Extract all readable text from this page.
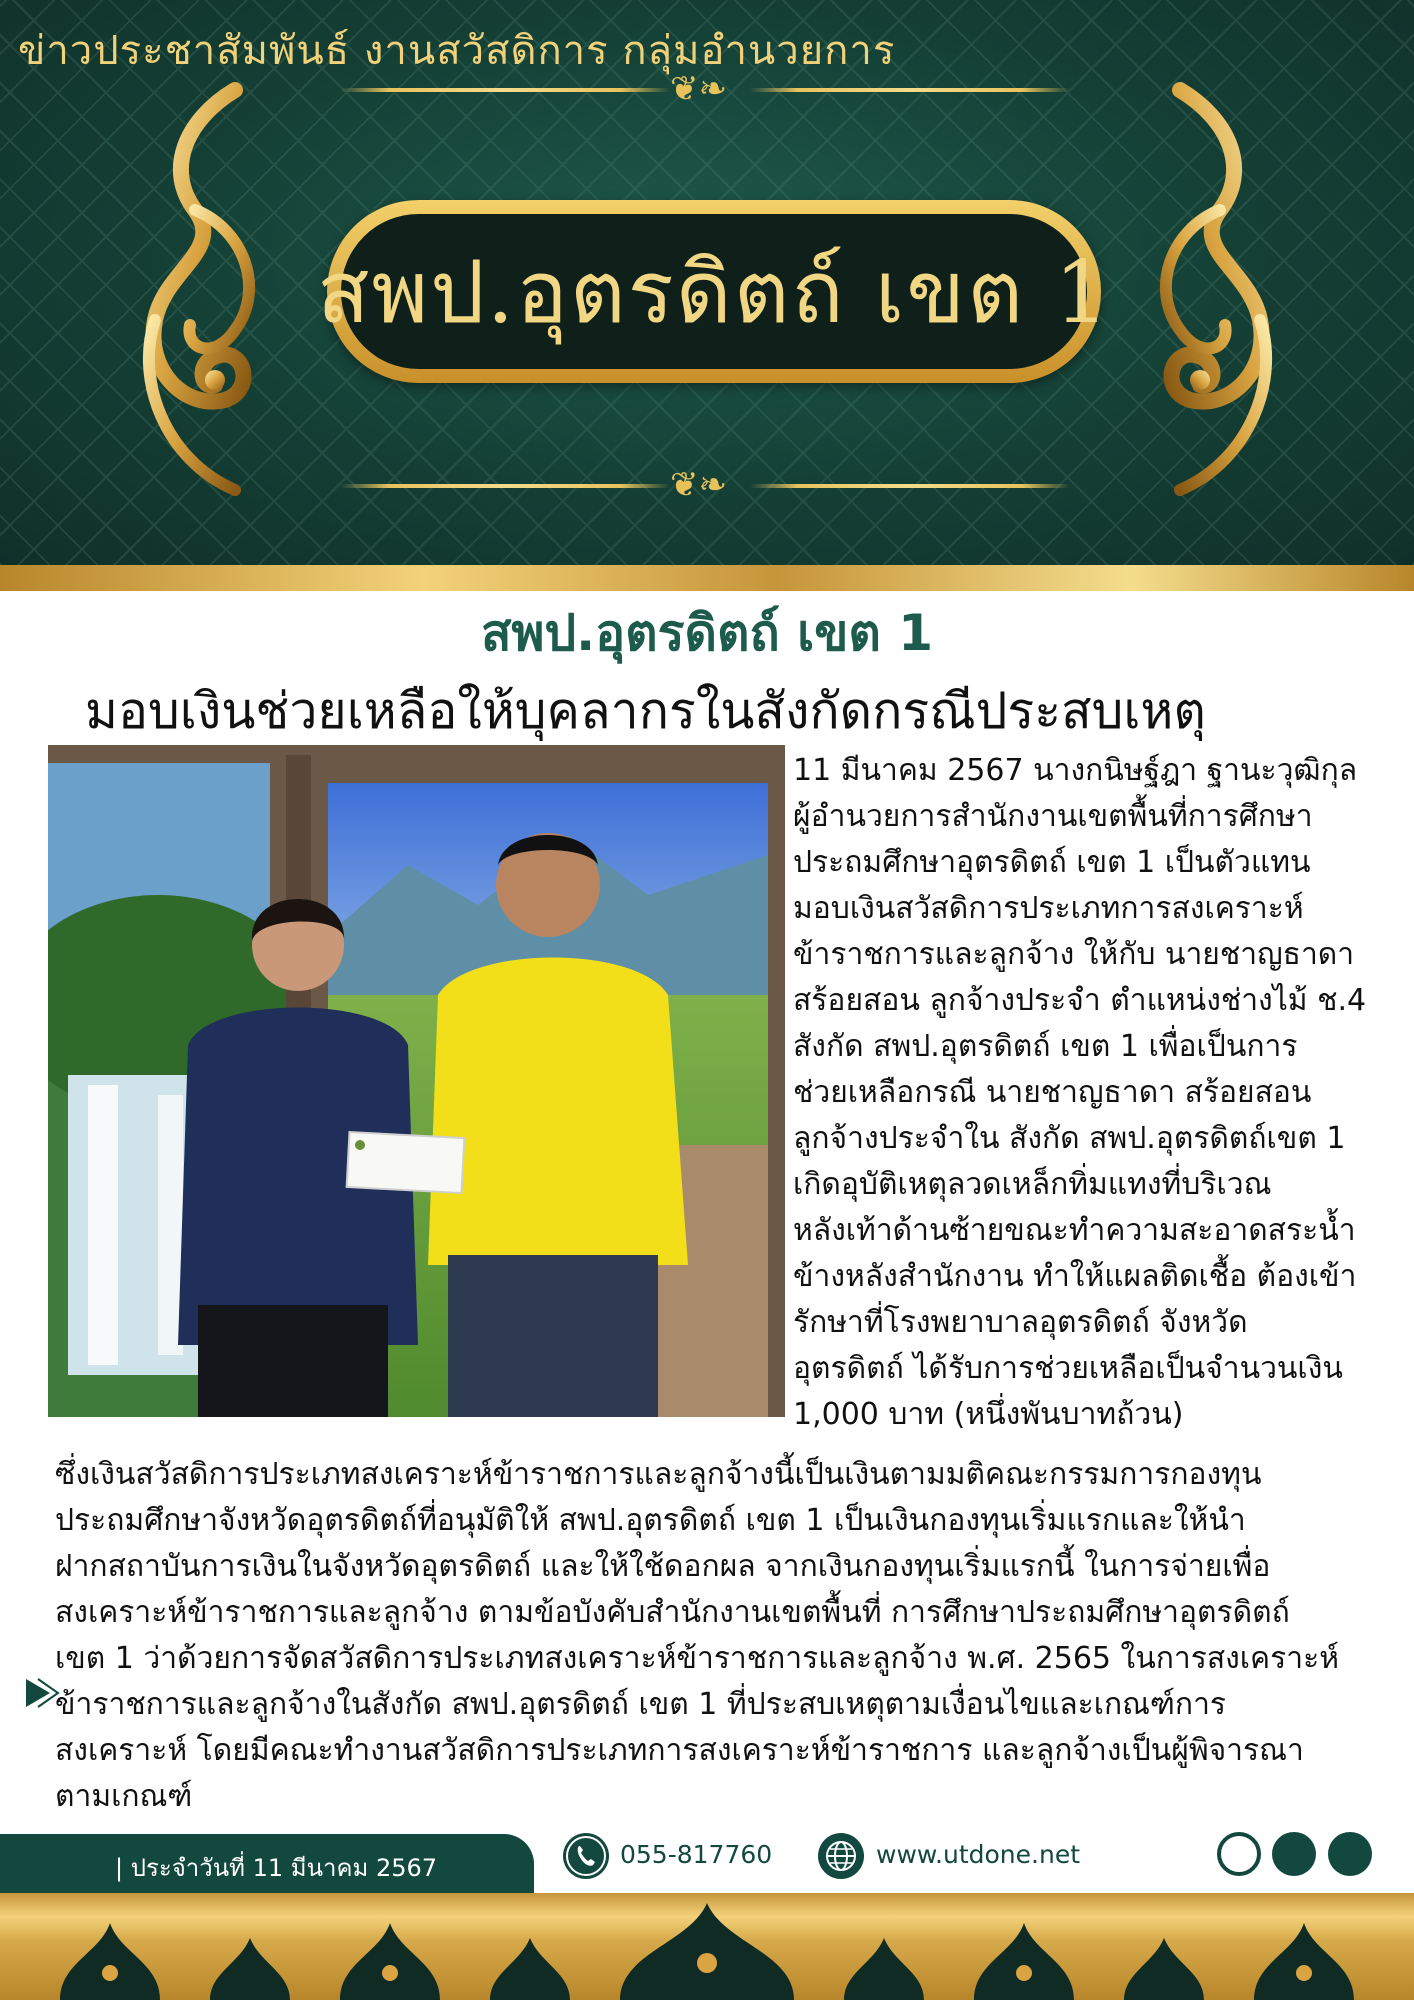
ข่าวประชาสัมพันธ์ งานสวัสดิการ กลุ่มอำนวยการ
❦❧
❦❧
สพป.อุตรดิตถ์ เขต 1
สพป.อุตรดิตถ์ เขต 1
มอบเงินช่วยเหลือให้บุคลากรในสังกัดกรณีประสบเหตุ
11 มีนาคม 2567 นางกนิษฐ์ฎา ฐานะวุฒิกุล
ผู้อำนวยการสำนักงานเขตพื้นที่การศึกษา
ประถมศึกษาอุตรดิตถ์ เขต 1 เป็นตัวแทน
มอบเงินสวัสดิการประเภทการสงเคราะห์
ข้าราชการและลูกจ้าง ให้กับ นายชาญธาดา
สร้อยสอน ลูกจ้างประจำ ตำแหน่งช่างไม้ ช.4
สังกัด สพป.อุตรดิตถ์ เขต 1 เพื่อเป็นการ
ช่วยเหลือกรณี นายชาญธาดา สร้อยสอน
ลูกจ้างประจำใน สังกัด สพป.อุตรดิตถ์เขต 1
เกิดอุบัติเหตุลวดเหล็กทิ่มแทงที่บริเวณ
หลังเท้าด้านซ้ายขณะทำความสะอาดสระน้ำ
ข้างหลังสำนักงาน ทำให้แผลติดเชื้อ ต้องเข้า
รักษาที่โรงพยาบาลอุตรดิตถ์ จังหวัด
อุตรดิตถ์ ได้รับการช่วยเหลือเป็นจำนวนเงิน
1,000 บาท (หนึ่งพันบาทถ้วน)
ซึ่งเงินสวัสดิการประเภทสงเคราะห์ข้าราชการและลูกจ้างนี้เป็นเงินตามมติคณะกรรมการกองทุน
ประถมศึกษาจังหวัดอุตรดิตถ์ที่อนุมัติให้ สพป.อุตรดิตถ์ เขต 1 เป็นเงินกองทุนเริ่มแรกและให้นำ
ฝากสถาบันการเงินในจังหวัดอุตรดิตถ์ และให้ใช้ดอกผล จากเงินกองทุนเริ่มแรกนี้ ในการจ่ายเพื่อ
สงเคราะห์ข้าราชการและลูกจ้าง ตามข้อบังคับสำนักงานเขตพื้นที่ การศึกษาประถมศึกษาอุตรดิตถ์
เขต 1 ว่าด้วยการจัดสวัสดิการประเภทสงเคราะห์ข้าราชการและลูกจ้าง พ.ศ. 2565 ในการสงเคราะห์
ข้าราชการและลูกจ้างในสังกัด สพป.อุตรดิตถ์ เขต 1 ที่ประสบเหตุตามเงื่อนไขและเกณฑ์การ
สงเคราะห์ โดยมีคณะทำงานสวัสดิการประเภทการสงเคราะห์ข้าราชการ และลูกจ้างเป็นผู้พิจารณา
ตามเกณฑ์
| ประจำวันที่ 11 มีนาคม 2567	055-817760	www.utdone.net
